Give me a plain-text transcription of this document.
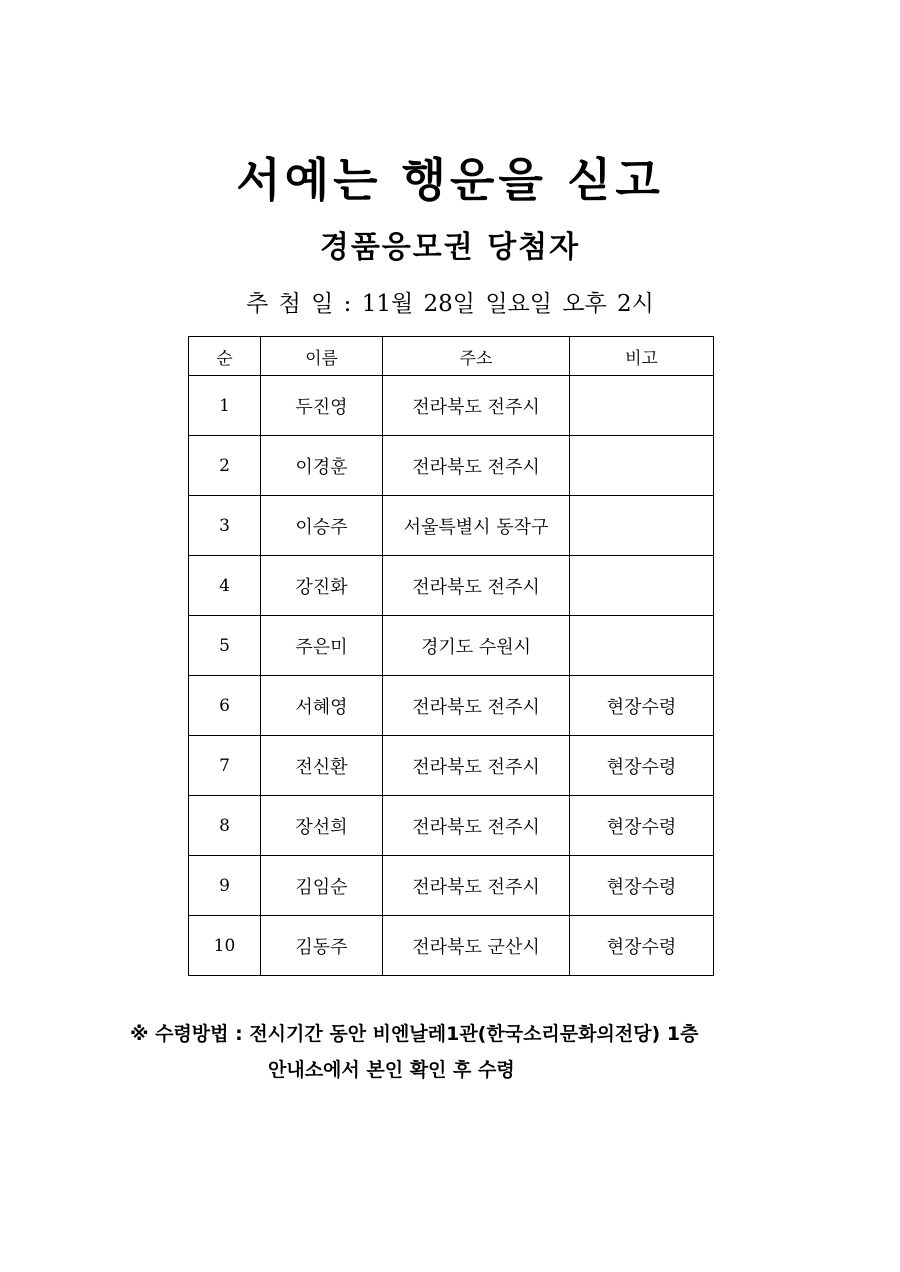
서예는 행운을 싣고
경품응모권 당첨자
추 첨 일 : 11월 28일 일요일 오후 2시
순	이름	주소	비고
1	두진영	전라북도 전주시	
2	이경훈	전라북도 전주시	
3	이승주	서울특별시 동작구	
4	강진화	전라북도 전주시	
5	주은미	경기도 수원시	
6	서혜영	전라북도 전주시	현장수령
7	전신환	전라북도 전주시	현장수령
8	장선희	전라북도 전주시	현장수령
9	김임순	전라북도 전주시	현장수령
10	김동주	전라북도 군산시	현장수령
※ 수령방법 : 전시기간 동안 비엔날레1관(한국소리문화의전당) 1층
안내소에서 본인 확인 후 수령
